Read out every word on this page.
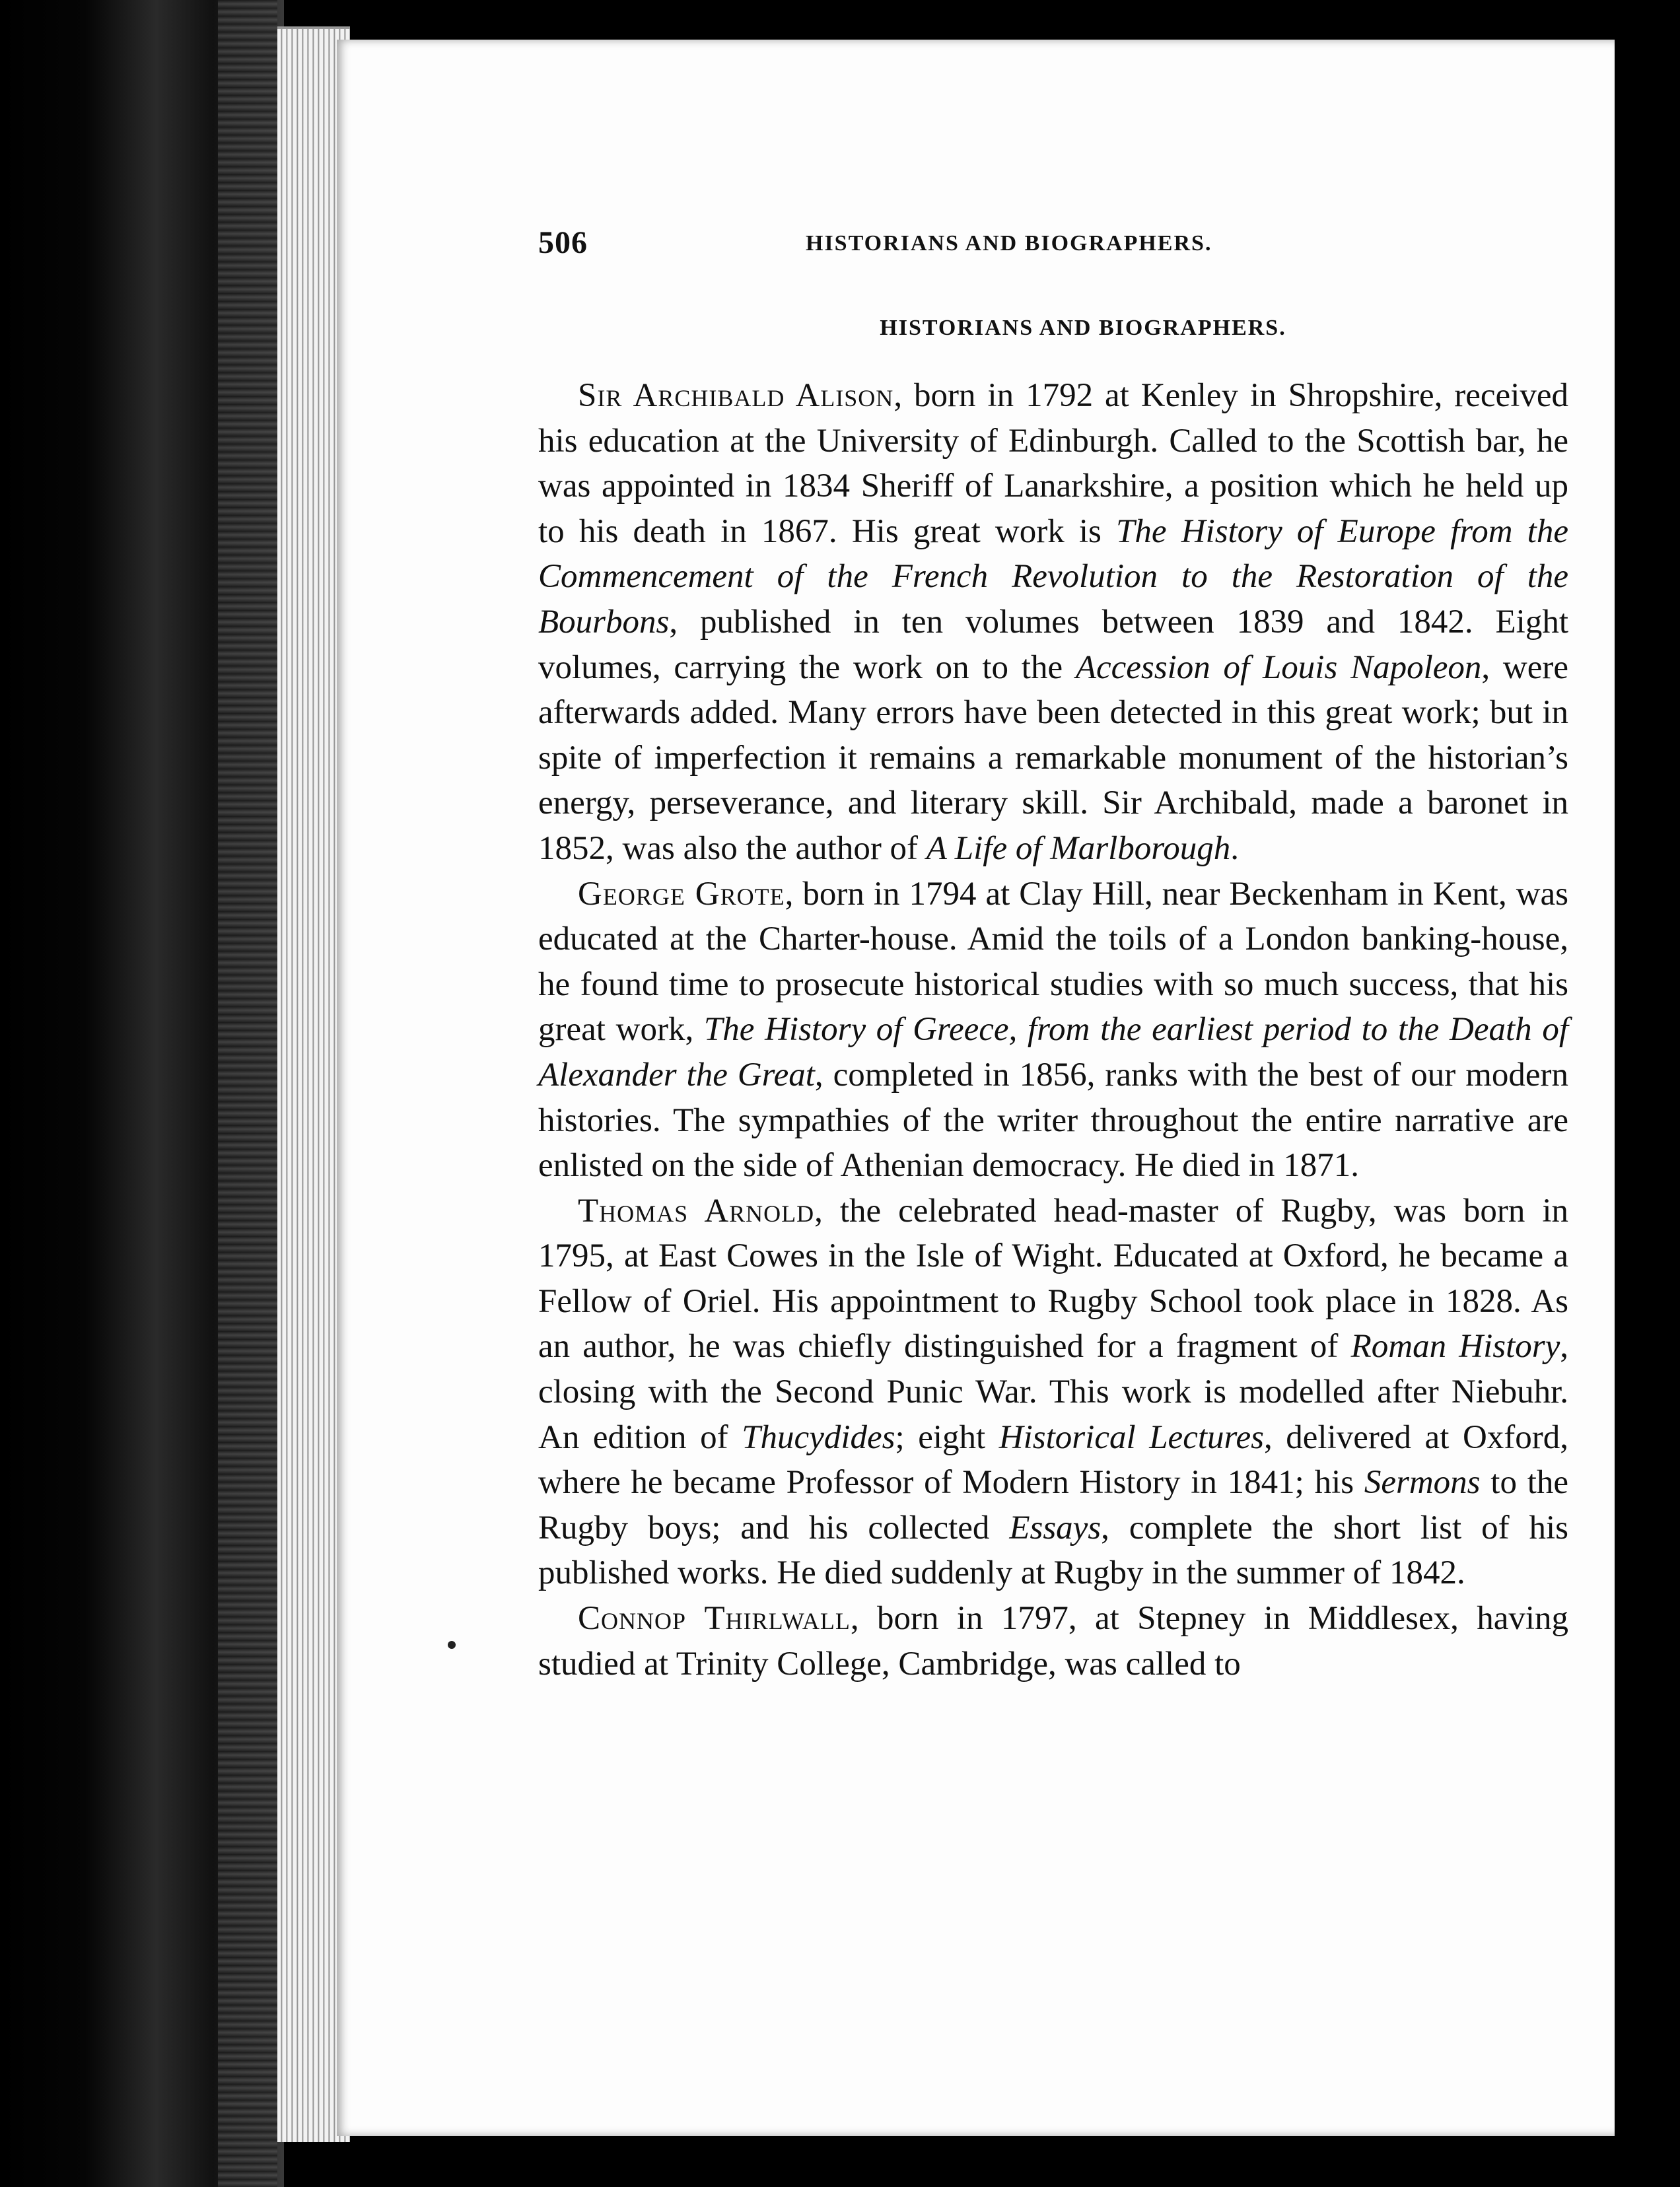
506	HISTORIANS AND BIOGRAPHERS.
HISTORIANS AND BIOGRAPHERS.

Sir Archibald Alison, born in 1792 at Kenley in Shropshire, received his education at the University of Edinburgh. Called to the Scottish bar, he was appointed in 1834 Sheriff of Lanarkshire, a position which he held up to his death in 1867. His great work is The History of Europe from the Commencement of the French Revolution to the Restoration of the Bourbons, published in ten volumes between 1839 and 1842. Eight volumes, carrying the work on to the Accession of Louis Napoleon, were afterwards added. Many errors have been detected in this great work; but in spite of imperfection it remains a remarkable monument of the historian’s energy, perseverance, and literary skill. Sir Archibald, made a baronet in 1852, was also the author of A Life of Marlborough.

George Grote, born in 1794 at Clay Hill, near Beckenham in Kent, was educated at the Charter-house. Amid the toils of a London banking-house, he found time to prosecute historical studies with so much success, that his great work, The History of Greece, from the earliest period to the Death of Alexander the Great, completed in 1856, ranks with the best of our modern histories. The sympathies of the writer throughout the entire narrative are enlisted on the side of Athenian democracy. He died in 1871.

Thomas Arnold, the celebrated head-master of Rugby, was born in 1795, at East Cowes in the Isle of Wight. Educated at Oxford, he became a Fellow of Oriel. His appointment to Rugby School took place in 1828. As an author, he was chiefly distinguished for a fragment of Roman History, closing with the Second Punic War. This work is modelled after Niebuhr. An edition of Thucydides; eight Historical Lectures, delivered at Oxford, where he became Professor of Modern History in 1841; his Sermons to the Rugby boys; and his collected Essays, complete the short list of his published works. He died suddenly at Rugby in the summer of 1842.

Connop Thirlwall, born in 1797, at Stepney in Middlesex, having studied at Trinity College, Cambridge, was called to
